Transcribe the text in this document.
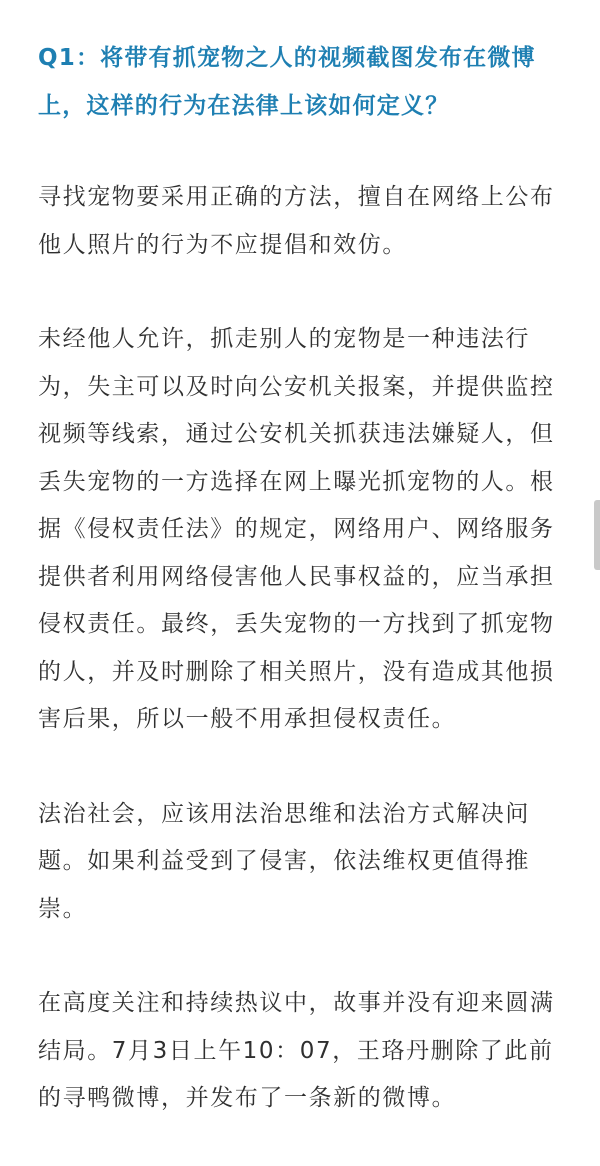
Q1：将带有抓宠物之人的视频截图发布在微博上，这样的行为在法律上该如何定义？

寻找宠物要采用正确的方法，擅自在网络上公布他人照片的行为不应提倡和效仿。

未经他人允许，抓走别人的宠物是一种违法行为，失主可以及时向公安机关报案，并提供监控视频等线索，通过公安机关抓获违法嫌疑人，但丢失宠物的一方选择在网上曝光抓宠物的人。根据《侵权责任法》的规定，网络用户、网络服务提供者利用网络侵害他人民事权益的，应当承担侵权责任。最终，丢失宠物的一方找到了抓宠物的人，并及时删除了相关照片，没有造成其他损害后果，所以一般不用承担侵权责任。

法治社会，应该用法治思维和法治方式解决问题。如果利益受到了侵害，依法维权更值得推崇。

在高度关注和持续热议中，故事并没有迎来圆满结局。7月3日上午10：07，王珞丹删除了此前的寻鸭微博，并发布了一条新的微博。
